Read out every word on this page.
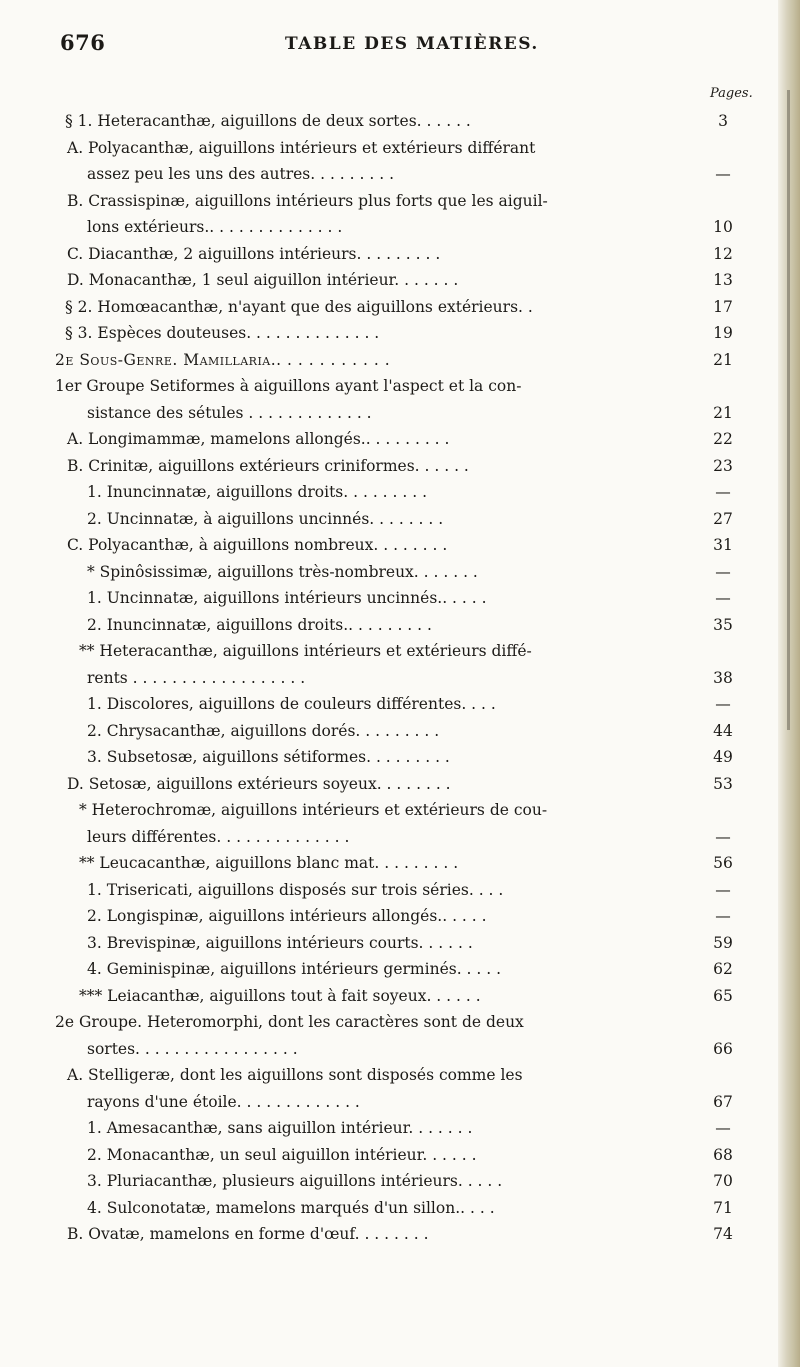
676	TABLE DES MATIÈRES.
Pages.
§ 1. Heteracanthæ, aiguillons de deux sortes. . . . . .	3
A. Polyacanthæ, aiguillons intérieurs et extérieurs différant
assez peu les uns des autres. . . . . . . . .	—
B. Crassispinæ, aiguillons intérieurs plus forts que les aiguil-
lons extérieurs.. . . . . . . . . . . . . .	10
C. Diacanthæ, 2 aiguillons intérieurs. . . . . . . . .	12
D. Monacanthæ, 1 seul aiguillon intérieur. . . . . . .	13
§ 2. Homœacanthæ, n'ayant que des aiguillons extérieurs. .	17
§ 3. Espèces douteuses. . . . . . . . . . . . . .	19
2e Sous-Genre. Mamillaria.. . . . . . . . . . .	21
1er Groupe Setiformes à aiguillons ayant l'aspect et la con-
sistance des sétules . . . . . . . . . . . . .	21
A. Longimammæ, mamelons allongés.. . . . . . . . .	22
B. Crinitæ, aiguillons extérieurs criniformes. . . . . .	23
1. Inuncinnatæ, aiguillons droits. . . . . . . . .	—
2. Uncinnatæ, à aiguillons uncinnés. . . . . . . .	27
C. Polyacanthæ, à aiguillons nombreux. . . . . . . .	31
* Spinôsissimæ, aiguillons très-nombreux. . . . . . .	—
1. Uncinnatæ, aiguillons intérieurs uncinnés.. . . . .	—
2. Inuncinnatæ, aiguillons droits.. . . . . . . . .	35
** Heteracanthæ, aiguillons intérieurs et extérieurs diffé-
rents . . . . . . . . . . . . . . . . . .	38
1. Discolores, aiguillons de couleurs différentes. . . .	—
2. Chrysacanthæ, aiguillons dorés. . . . . . . . .	44
3. Subsetosæ, aiguillons sétiformes. . . . . . . . .	49
D. Setosæ, aiguillons extérieurs soyeux. . . . . . . .	53
* Heterochromæ, aiguillons intérieurs et extérieurs de cou-
leurs différentes. . . . . . . . . . . . . .	—
** Leucacanthæ, aiguillons blanc mat. . . . . . . . .	56
1. Trisericati, aiguillons disposés sur trois séries. . . .	—
2. Longispinæ, aiguillons intérieurs allongés.. . . . .	—
3. Brevispinæ, aiguillons intérieurs courts. . . . . .	59
4. Geminispinæ, aiguillons intérieurs germinés. . . . .	62
*** Leiacanthæ, aiguillons tout à fait soyeux. . . . . .	65
2e Groupe. Heteromorphi, dont les caractères sont de deux
sortes. . . . . . . . . . . . . . . . .	66
A. Stelligeræ, dont les aiguillons sont disposés comme les
rayons d'une étoile. . . . . . . . . . . . .	67
1. Amesacanthæ, sans aiguillon intérieur. . . . . . .	—
2. Monacanthæ, un seul aiguillon intérieur. . . . . .	68
3. Pluriacanthæ, plusieurs aiguillons intérieurs. . . . .	70
4. Sulconotatæ, mamelons marqués d'un sillon.. . . .	71
B. Ovatæ, mamelons en forme d'œuf. . . . . . . .	74
